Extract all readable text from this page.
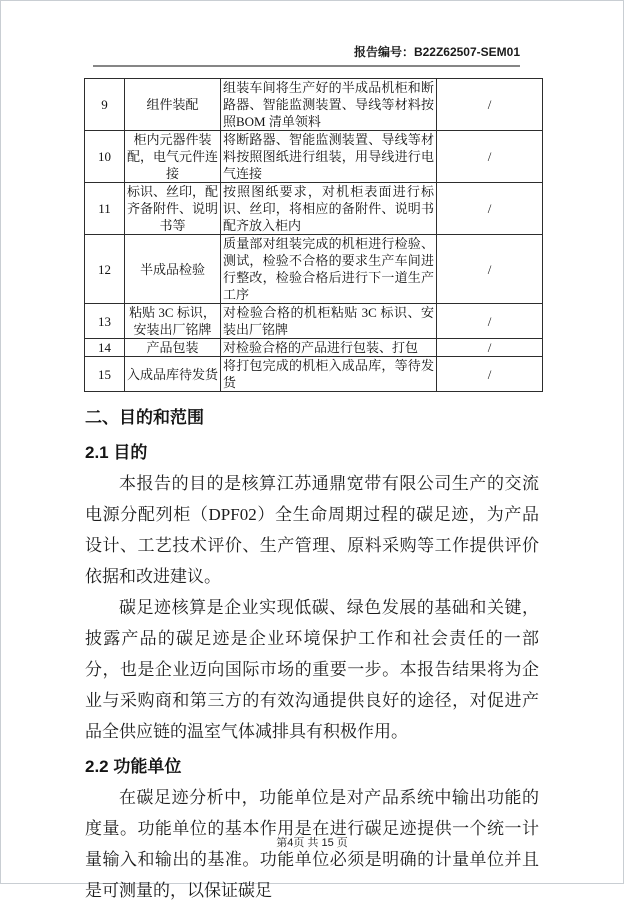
报告编号：B22Z62507-SEM01
9	组件装配	组装车间将生产好的半成品机柜和断路器、智能监测装置、导线等材料按照BOM 清单领料	/
10	柜内元器件装配，电气元件连接	将断路器、智能监测装置、导线等材料按照图纸进行组装，用导线进行电气连接	/
11	标识、丝印，配齐备附件、说明书等	按照图纸要求，对机柜表面进行标识、丝印，将相应的备附件、说明书配齐放入柜内	/
12	半成品检验	质量部对组装完成的机柜进行检验、测试，检验不合格的要求生产车间进行整改，检验合格后进行下一道生产工序	/
13	粘贴 3C 标识，安装出厂铭牌	对检验合格的机柜粘贴 3C 标识、安装出厂铭牌	/
14	产品包装	对检验合格的产品进行包装、打包	/
15	入成品库待发货	将打包完成的机柜入成品库，等待发货	/
二、目的和范围
2.1 目的

本报告的目的是核算江苏通鼎宽带有限公司生产的交流电源分配列柜（DPF02）全生命周期过程的碳足迹，为产品设计、工艺技术评价、生产管理、原料采购等工作提供评价依据和改进建议。

碳足迹核算是企业实现低碳、绿色发展的基础和关键，披露产品的碳足迹是企业环境保护工作和社会责任的一部分，也是企业迈向国际市场的重要一步。本报告结果将为企业与采购商和第三方的有效沟通提供良好的途径，对促进产品全供应链的温室气体减排具有积极作用。

2.2 功能单位

在碳足迹分析中，功能单位是对产品系统中输出功能的度量。功能单位的基本作用是在进行碳足迹提供一个统一计量输入和输出的基准。功能单位必须是明确的计量单位并且是可测量的，以保证碳足

第4页 共 15 页
